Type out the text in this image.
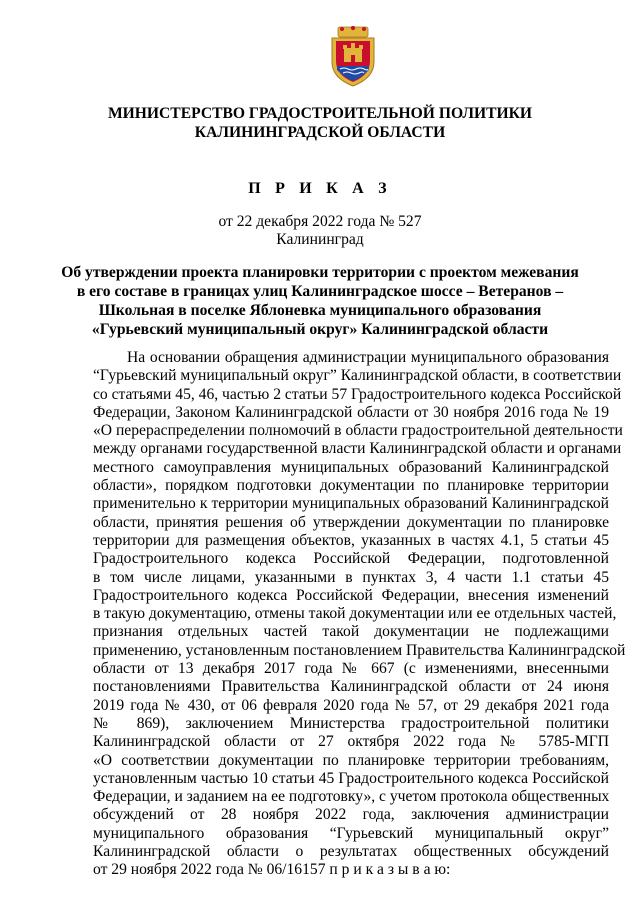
МИНИСТЕРСТВО ГРАДОСТРОИТЕЛЬНОЙ ПОЛИТИКИ
КАЛИНИНГРАДСКОЙ ОБЛАСТИ
П Р И К А З
от 22 декабря 2022 года № 527
Калининград
Об утверждении проекта планировки территории с проектом межевания
в его составе в границах улиц Калининградское шоссе – Ветеранов –
Школьная в поселке Яблоневка муниципального образования
«Гурьевский муниципальный округ» Калининградской области
На основании обращения администрации муниципального образования
“Гурьевский муниципальный округ” Калининградской области, в соответствии
со статьями 45, 46, частью 2 статьи 57 Градостроительного кодекса Российской
Федерации, Законом Калининградской области от 30 ноября 2016 года № 19
«О перераспределении полномочий в области градостроительной деятельности
между органами государственной власти Калининградской области и органами
местного самоуправления муниципальных образований Калининградской
области», порядком подготовки документации по планировке территории
применительно к территории муниципальных образований Калининградской
области, принятия решения об утверждении документации по планировке
территории для размещения объектов, указанных в частях 4.1, 5 статьи 45
Градостроительного кодекса Российской Федерации, подготовленной
в том числе лицами, указанными в пунктах 3, 4 части 1.1 статьи 45
Градостроительного кодекса Российской Федерации, внесения изменений
в такую документацию, отмены такой документации или ее отдельных частей,
признания отдельных частей такой документации не подлежащими
применению, установленным постановлением Правительства Калининградской
области от 13 декабря 2017 года № 667 (с изменениями, внесенными
постановлениями Правительства Калининградской области от 24 июня
2019 года № 430, от 06 февраля 2020 года № 57, от 29 декабря 2021 года
№ 869), заключением Министерства градостроительной политики
Калининградской области от 27 октября 2022 года № 5785-МГП
«О соответствии документации по планировке территории требованиям,
установленным частью 10 статьи 45 Градостроительного кодекса Российской
Федерации, и заданием на ее подготовку», с учетом протокола общественных
обсуждений от 28 ноября 2022 года, заключения администрации
муниципального образования “Гурьевский муниципальный округ”
Калининградской области о результатах общественных обсуждений
от 29 ноября 2022 года № 06/16157 п р и к а з ы в а ю:
